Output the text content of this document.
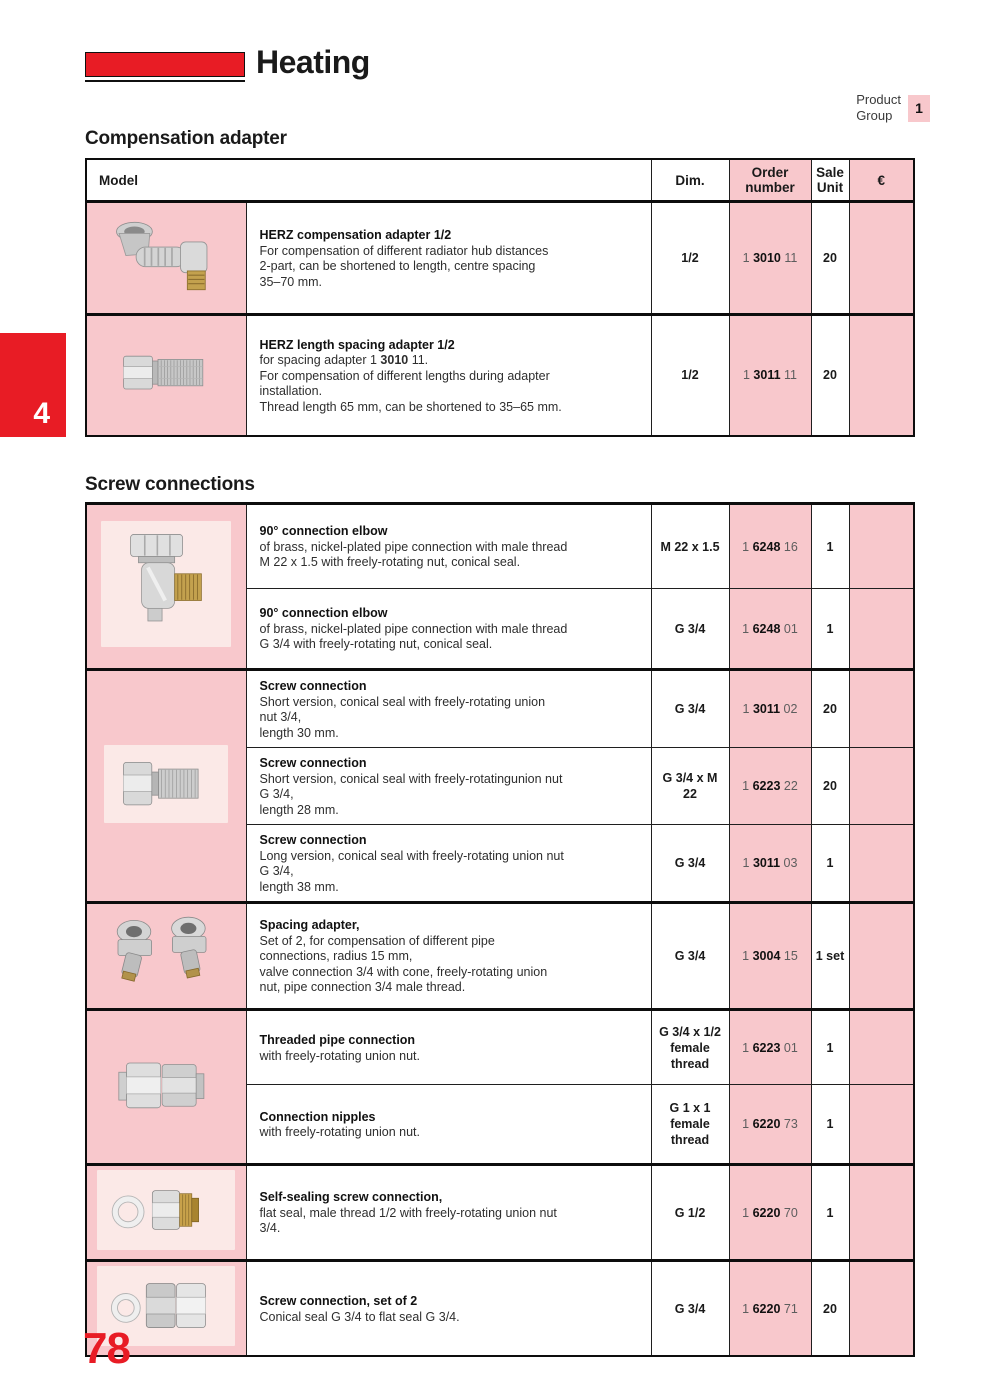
Heating
Product
Group	1
Compensation adapter
Model		Dim.	Order number	Sale Unit	€

HERZ compensation adapter 1/2
For compensation of different radiator hub distances
2-part, can be shortened to length, centre spacing
35–70 mm.	1/2	1 3010 11	20	

HERZ length spacing adapter 1/2
for spacing adapter 1 3010 11.
For compensation of different lengths during adapter
installation.
Thread length 65 mm, can be shortened to 35–65 mm.	1/2	1 3011 11	20	
Screw connections

90° connection elbow
of brass, nickel-plated pipe connection with male thread
M 22 x 1.5 with freely-rotating nut, conical seal.	M 22 x 1.5	1 6248 16	1	

	90° connection elbow
of brass, nickel-plated pipe connection with male thread
G 3/4 with freely-rotating nut, conical seal.	G 3/4	1 6248 01	1	

Screw connection
Short version, conical seal with freely-rotating union
nut 3/4,
length 30 mm.	G 3/4	1 3011 02	20	

	Screw connection
Short version, conical seal with freely-rotatingunion nut
G 3/4,
length 28 mm.	G 3/4 x M 22	1 6223 22	20	

	Screw connection
Long version, conical seal with freely-rotating union nut
G 3/4,
length 38 mm.	G 3/4	1 3011 03	1	

Spacing adapter,
Set of 2, for compensation of different pipe
connections, radius 15 mm,
valve connection 3/4 with cone, freely-rotating union
nut, pipe connection 3/4 male thread.	G 3/4	1 3004 15	1 set	

Threaded pipe connection
with freely-rotating union nut.	G 3/4 x 1/2 female thread	1 6223 01	1	

	Connection nipples
with freely-rotating union nut.	G 1 x 1 female thread	1 6220 73	1	

Self-sealing screw connection,
flat seal, male thread 1/2 with freely-rotating union nut
3/4.	G 1/2	1 6220 70	1	

Screw connection, set of 2
Conical seal G 3/4 to flat seal G 3/4.	G 3/4	1 6220 71	20	
4
78
